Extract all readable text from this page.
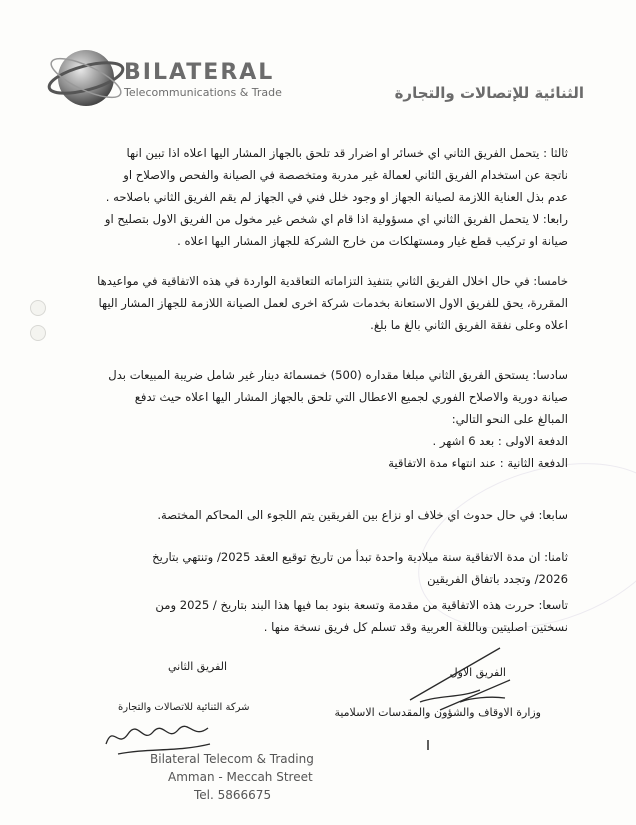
BILATERAL
Telecommunications & Trade	الثنائية للإتصالات والتجارة
ثالثا : يتحمل الفريق الثاني اي خسائر او اضرار قد تلحق بالجهاز المشار اليها اعلاه اذا تبين انها
ناتجة عن استخدام الفريق الثاني لعمالة غير مدربة ومتخصصة في الصيانة والفحص والاصلاح او
عدم بذل العناية اللازمة لصيانة الجهاز او وجود خلل فني في الجهاز لم يقم الفريق الثاني باصلاحه .
رابعا: لا يتحمل الفريق الثاني اي مسؤولية اذا قام اي شخص غير مخول من الفريق الاول بتصليح او
صيانة او تركيب قطع غيار ومستهلكات من خارج الشركة للجهاز المشار اليها اعلاه .
خامسا: في حال اخلال الفريق الثاني بتنفيذ التزاماته التعاقدية الواردة في هذه الاتفاقية في مواعيدها
المقررة، يحق للفريق الاول الاستعانة بخدمات شركة اخرى لعمل الصيانة اللازمة للجهاز المشار اليها
اعلاه وعلى نفقة الفريق الثاني بالغ ما بلغ.
سادسا: يستحق الفريق الثاني مبلغا مقداره (500) خمسمائة دينار غير شامل ضريبة المبيعات بدل
صيانة دورية والاصلاح الفوري لجميع الاعطال التي تلحق بالجهاز المشار اليها اعلاه حيث تدفع
المبالغ على النحو التالي:
الدفعة الاولى : بعد 6 اشهر .
الدفعة الثانية : عند انتهاء مدة الاتفاقية
سابعا: في حال حدوث اي خلاف او نزاع بين الفريقين يتم اللجوء الى المحاكم المختصة.
ثامنا: ان مدة الاتفاقية سنة ميلادية واحدة تبدأ من تاريخ توقيع العقد 2025/ وتنتهي بتاريخ
2026/ وتجدد باتفاق الفريقين
تاسعا: حررت هذه الاتفاقية من مقدمة وتسعة بنود بما فيها هذا البند بتاريخ / 2025 ومن
نسختين اصليتين وباللغة العربية وقد تسلم كل فريق نسخة منها .
الفريق الاول
وزارة الاوقاف والشؤون والمقدسات الاسلامية
الفريق الثاني
شركة الثنائية للاتصالات والتجارة
Bilateral Telecom & Trading
Amman - Meccah Street
Tel. 5866675
